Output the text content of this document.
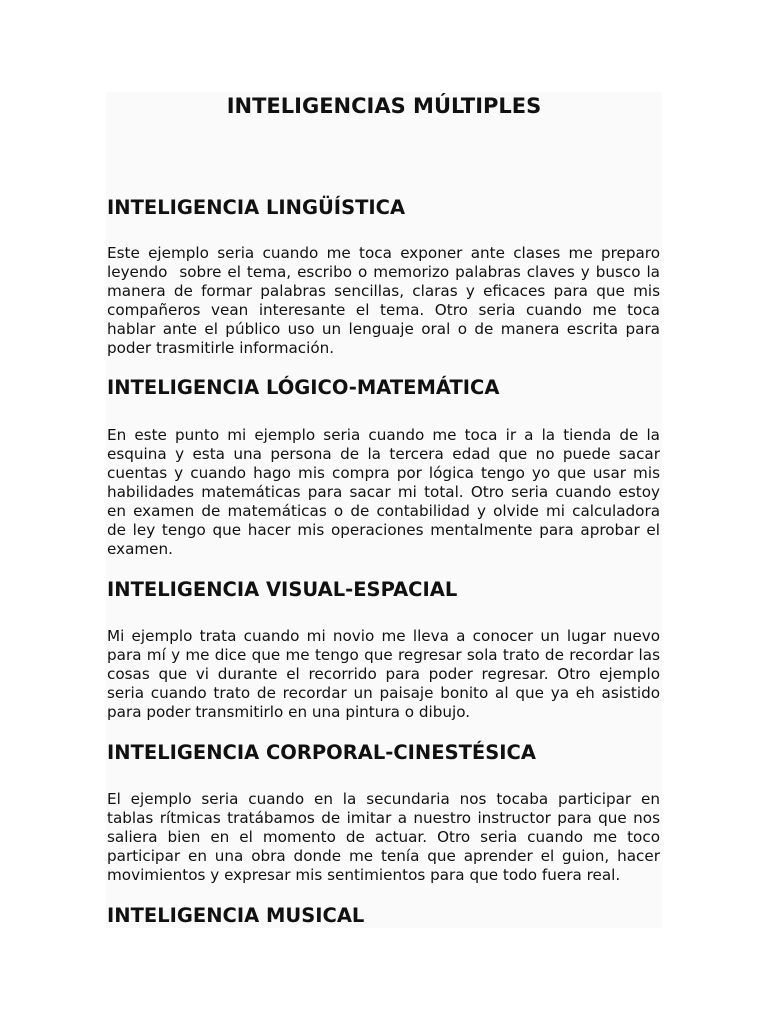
INTELIGENCIAS MÚLTIPLES
INTELIGENCIA LINGÜÍSTICA

Este ejemplo seria cuando me toca exponer ante clases me preparo leyendo  sobre el tema, escribo o memorizo palabras claves y busco la manera de formar palabras sencillas, claras y eficaces para que mis compañeros vean interesante el tema. Otro seria cuando me toca hablar ante el público uso un lenguaje oral o de manera escrita para poder trasmitirle información.

INTELIGENCIA LÓGICO-MATEMÁTICA

En este punto mi ejemplo seria cuando me toca ir a la tienda de la esquina y esta una persona de la tercera edad que no puede sacar cuentas y cuando hago mis compra por lógica tengo yo que usar mis habilidades matemáticas para sacar mi total. Otro seria cuando estoy en examen de matemáticas o de contabilidad y olvide mi calculadora de ley tengo que hacer mis operaciones mentalmente para aprobar el examen.

INTELIGENCIA VISUAL-ESPACIAL

Mi ejemplo trata cuando mi novio me lleva a conocer un lugar nuevo para mí y me dice que me tengo que regresar sola trato de recordar las cosas que vi durante el recorrido para poder regresar. Otro ejemplo seria cuando trato de recordar un paisaje bonito al que ya eh asistido para poder transmitirlo en una pintura o dibujo.

INTELIGENCIA CORPORAL-CINESTÉSICA

El ejemplo seria cuando en la secundaria nos tocaba participar en tablas rítmicas tratábamos de imitar a nuestro instructor para que nos saliera bien en el momento de actuar. Otro seria cuando me toco participar en una obra donde me tenía que aprender el guion, hacer movimientos y expresar mis sentimientos para que todo fuera real.

INTELIGENCIA MUSICAL
